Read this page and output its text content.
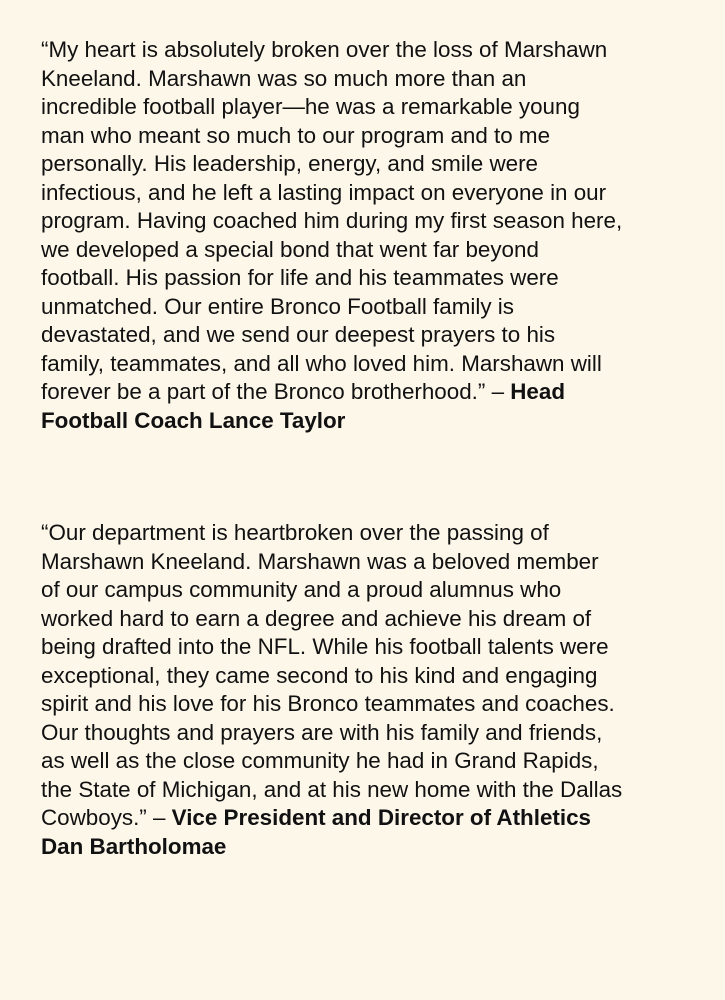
“My heart is absolutely broken over the loss of Marshawn
Kneeland. Marshawn was so much more than an
incredible football player—he was a remarkable young
man who meant so much to our program and to me
personally. His leadership, energy, and smile were
infectious, and he left a lasting impact on everyone in our
program. Having coached him during my first season here,
we developed a special bond that went far beyond
football. His passion for life and his teammates were
unmatched. Our entire Bronco Football family is
devastated, and we send our deepest prayers to his
family, teammates, and all who loved him. Marshawn will
forever be a part of the Bronco brotherhood.” – Head
Football Coach Lance Taylor

“Our department is heartbroken over the passing of
Marshawn Kneeland. Marshawn was a beloved member
of our campus community and a proud alumnus who
worked hard to earn a degree and achieve his dream of
being drafted into the NFL. While his football talents were
exceptional, they came second to his kind and engaging
spirit and his love for his Bronco teammates and coaches.
Our thoughts and prayers are with his family and friends,
as well as the close community he had in Grand Rapids,
the State of Michigan, and at his new home with the Dallas
Cowboys.” – Vice President and Director of Athletics
Dan Bartholomae
